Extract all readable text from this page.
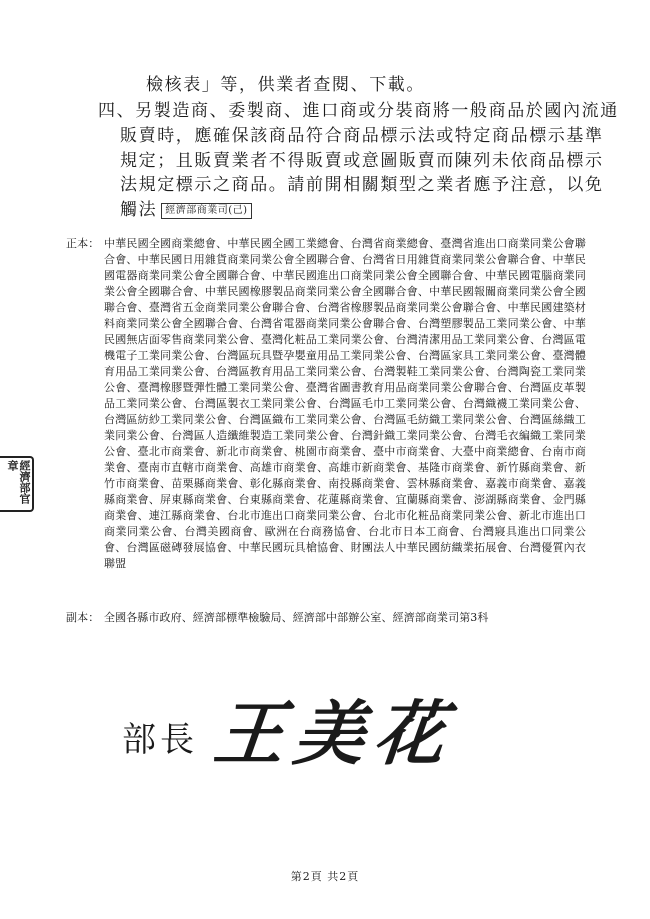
檢核表」等，供業者查閱、下載。
四、另製造商、委製商、進口商或分裝商將一般商品於國內流通
販賣時，應確保該商品符合商品標示法或特定商品標示基準
規定；且販賣業者不得販賣或意圖販賣而陳列未依商品標示
法規定標示之商品。請前開相關類型之業者應予注意，以免
觸法 經濟部商業司(己)
正本： 中華民國全國商業總會、中華民國全國工業總會、台灣省商業總會、臺灣省進出口商業同業公會聯合會、中華民國日用雜貨商業同業公會全國聯合會、台灣省日用雜貨商業同業公會聯合會、中華民國電器商業同業公會全國聯合會、中華民國進出口商業同業公會全國聯合會、中華民國電腦商業同業公會全國聯合會、中華民國橡膠製品商業同業公會全國聯合會、中華民國報關商業同業公會全國聯合會、臺灣省五金商業同業公會聯合會、台灣省橡膠製品商業同業公會聯合會、中華民國建築材料商業同業公會全國聯合會、台灣省電器商業同業公會聯合會、台灣塑膠製品工業同業公會、中華民國無店面零售商業同業公會、臺灣化粧品工業同業公會、台灣清潔用品工業同業公會、台灣區電機電子工業同業公會、台灣區玩具暨孕嬰童用品工業同業公會、台灣區家具工業同業公會、臺灣體育用品工業同業公會、台灣區教育用品工業同業公會、台灣製鞋工業同業公會、台灣陶瓷工業同業公會、臺灣橡膠暨彈性體工業同業公會、臺灣省圖書教育用品商業同業公會聯合會、台灣區皮革製品工業同業公會、台灣區製衣工業同業公會、台灣區毛巾工業同業公會、台灣織襪工業同業公會、台灣區紡紗工業同業公會、台灣區織布工業同業公會、台灣區毛紡織工業同業公會、台灣區絲織工業同業公會、台灣區人造纖維製造工業同業公會、台灣針織工業同業公會、台灣毛衣編織工業同業公會、臺北市商業會、新北市商業會、桃園市商業會、臺中市商業會、大臺中商業總會、台南市商業會、臺南市直轄市商業會、高雄市商業會、高雄市新商業會、基隆市商業會、新竹縣商業會、新竹市商業會、苗栗縣商業會、彰化縣商業會、南投縣商業會、雲林縣商業會、嘉義市商業會、嘉義縣商業會、屏東縣商業會、台東縣商業會、花蓮縣商業會、宜蘭縣商業會、澎湖縣商業會、金門縣商業會、連江縣商業會、台北市進出口商業同業公會、台北市化粧品商業同業公會、新北市進出口商業同業公會、台灣美國商會、歐洲在台商務協會、台北市日本工商會、台灣寢具進出口同業公會、台灣區磁磚發展協會、中華民國玩具槍協會、財團法人中華民國紡織業拓展會、台灣優質內衣聯盟
經濟部官章
副本： 全國各縣市政府、經濟部標準檢驗局、經濟部中部辦公室、經濟部商業司第3科
部長 王美花
第2頁 共2頁
